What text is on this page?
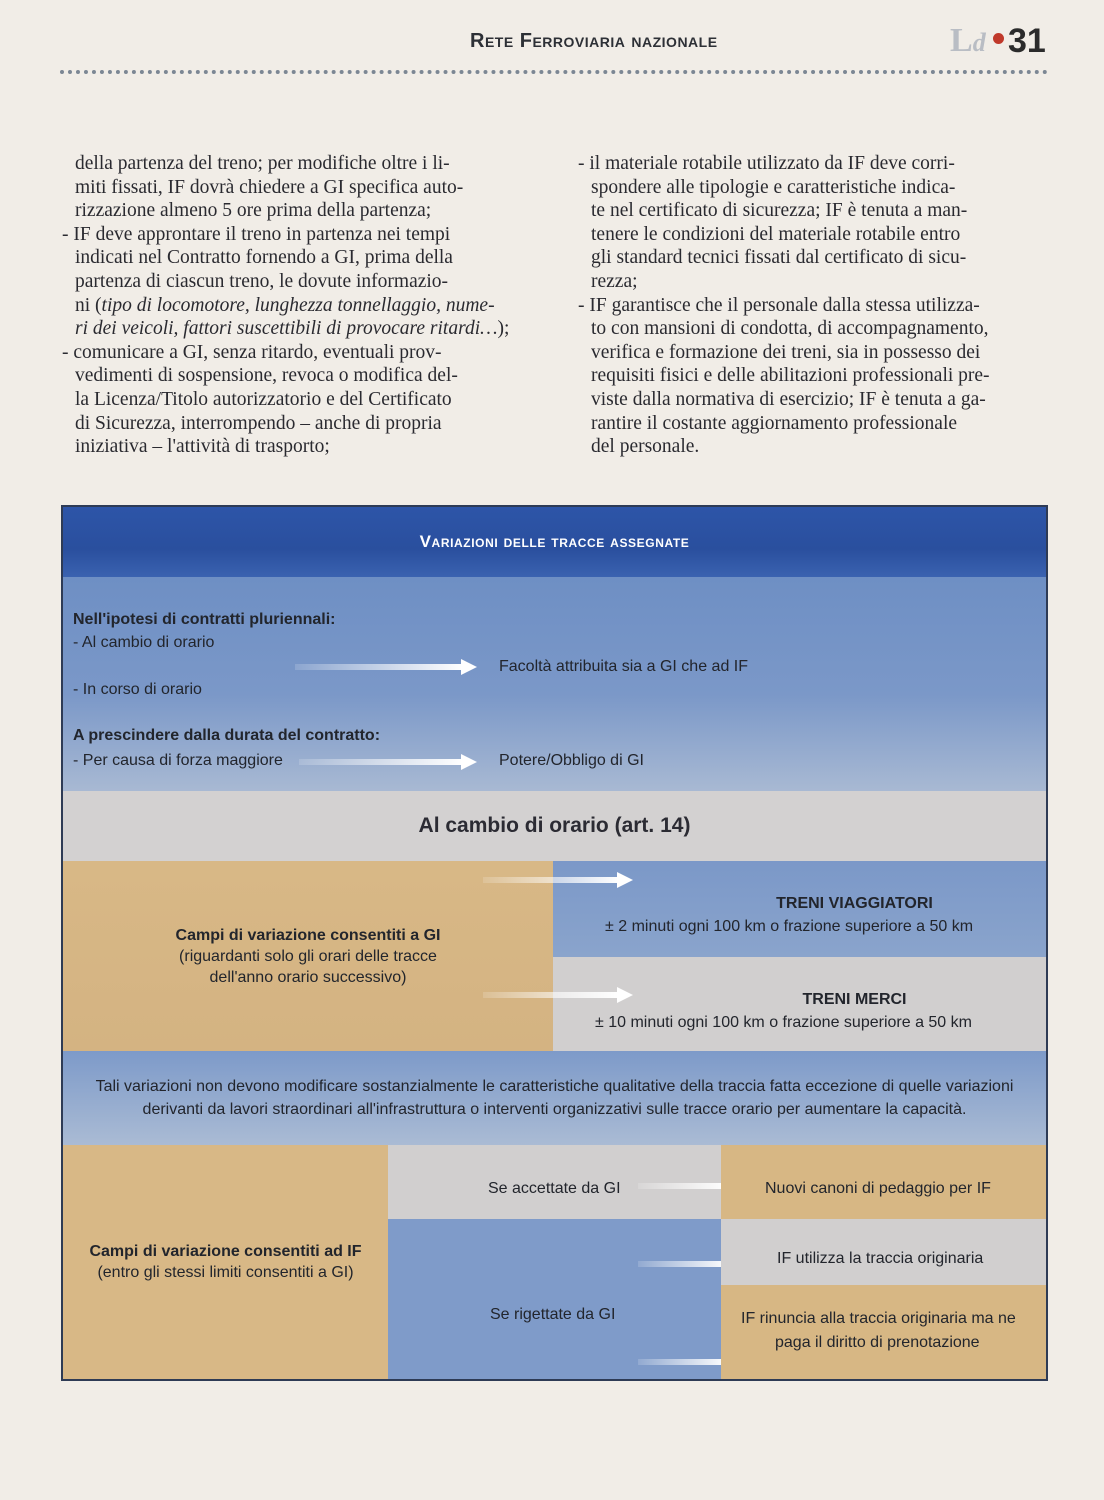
Rete Ferroviaria nazionale	Ld 31

della partenza del treno; per modifiche oltre i li-

miti fissati, IF dovrà chiedere a GI specifica auto-

rizzazione almeno 5 ore prima della partenza;

- IF deve approntare il treno in partenza nei tempi

indicati nel Contratto fornendo a GI, prima della

partenza di ciascun treno, le dovute informazio-

ni (tipo di locomotore, lunghezza tonnellaggio, nume-

ri dei veicoli, fattori suscettibili di provocare ritardi…);

- comunicare a GI, senza ritardo, eventuali prov-

vedimenti di sospensione, revoca o modifica del-

la Licenza/Titolo autorizzatorio e del Certificato

di Sicurezza, interrompendo – anche di propria

iniziativa – l'attività di trasporto;

- il materiale rotabile utilizzato da IF deve corri-

spondere alle tipologie e caratteristiche indica-

te nel certificato di sicurezza; IF è tenuta a man-

tenere le condizioni del materiale rotabile entro

gli standard tecnici fissati dal certificato di sicu-

rezza;

- IF garantisce che il personale dalla stessa utilizza-

to con mansioni di condotta, di accompagnamento,

verifica e formazione dei treni, sia in possesso dei

requisiti fisici e delle abilitazioni professionali pre-

viste dalla normativa di esercizio; IF è tenuta a ga-

rantire il costante aggiornamento professionale

del personale.

Variazioni delle tracce assegnate
Nell'ipotesi di contratti pluriennali:
- Al cambio di orario
Facoltà attribuita sia a GI che ad IF
- In corso di orario
A prescindere dalla durata del contratto:
- Per causa di forza maggiore	Potere/Obbligo di GI
Al cambio di orario (art. 14)
Campi di variazione consentiti a GI
(riguardanti solo gli orari delle tracce
dell'anno orario successivo)
TRENI VIAGGIATORI
± 2 minuti ogni 100 km o frazione superiore a 50 km
TRENI MERCI
± 10 minuti ogni 100 km o frazione superiore a 50 km
Tali variazioni non devono modificare sostanzialmente le caratteristiche qualitative della traccia fatta eccezione di quelle variazioni
derivanti da lavori straordinari all'infrastruttura o interventi organizzativi sulle tracce orario per aumentare la capacità.
Campi di variazione consentiti ad IF
(entro gli stessi limiti consentiti a GI)
Se accettate da GI
Se rigettate da GI
Nuovi canoni di pedaggio per IF
IF utilizza la traccia originaria
IF rinuncia alla traccia originaria ma ne
paga il diritto di prenotazione
